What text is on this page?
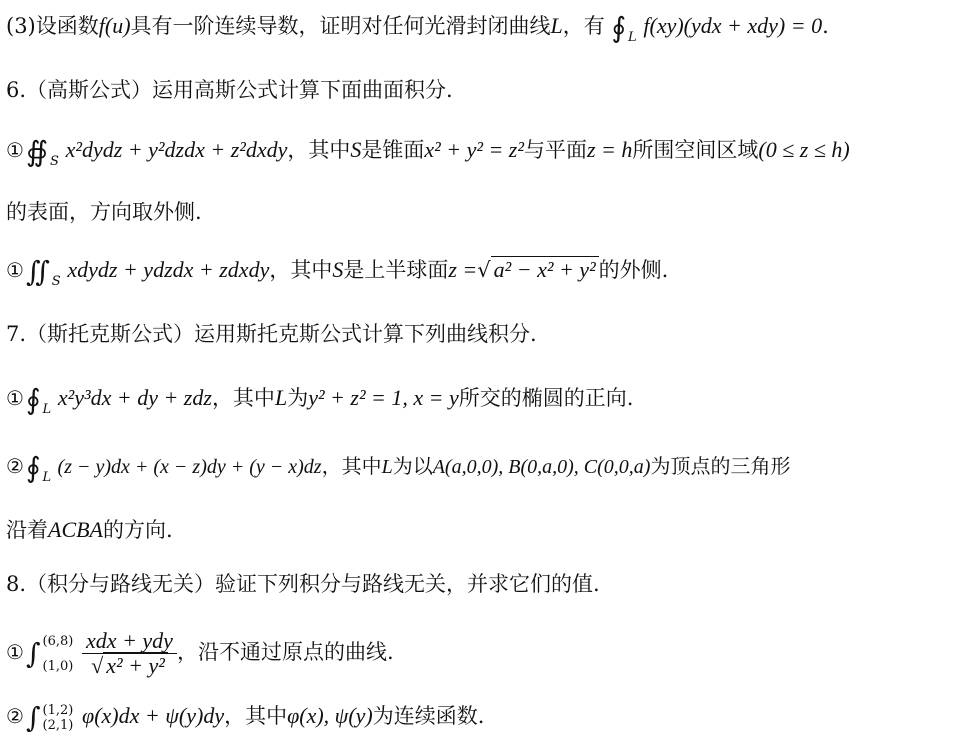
(3)设函数f(u)具有一阶连续导数，证明对任何光滑封闭曲线L，有 ∮ $_L$ f(xy)(ydx + xdy) = 0.
6.（高斯公式）运用高斯公式计算下面曲面积分.
①∯ $_S$ x²dydz + y²dzdx + z²dxdy，其中S是锥面x² + y² = z²与平面z = h所围空间区域(0 ≤ z ≤ h)
的表面，方向取外侧.
①∬ $_S$ xdydz + ydzdx + zdxdy，其中S是上半球面z =√ a² − x² + y² 的外侧.
7.（斯托克斯公式）运用斯托克斯公式计算下列曲线积分.
①∮ $_L$ x²y³dx + dy + zdz，其中L为y² + z² = 1, x = y所交的椭圆的正向.
②∮ $_L$ (z − y)dx + (x − z)dy + (y − x)dz，其中L为以A(a,0,0), B(0,a,0), C(0,0,a)为顶点的三角形
沿着ACBA的方向.
8.（积分与路线无关）验证下列积分与路线无关，并求它们的值.
①∫ (6,8)
(1,0)
$\frac{\text{xdx + ydy}}{\text{√ x² + y²}}$ ，沿不通过原点的曲线.
②∫ (1,2)
(2,1) φ(x)dx + ψ(y)dy，其中φ(x), ψ(y)为连续函数.
